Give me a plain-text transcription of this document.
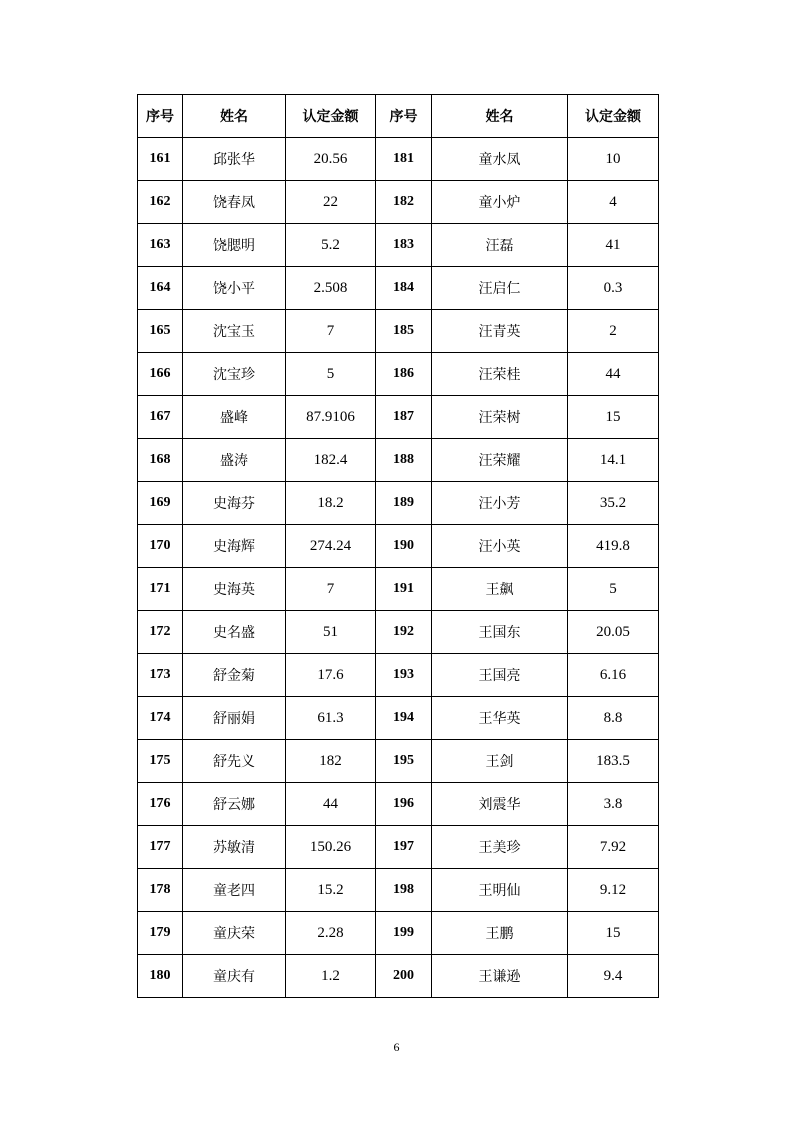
序号	姓名	认定金额	序号	姓名	认定金额
161	邱张华	20.56	181	童水凤	10
162	饶春凤	22	182	童小炉	4
163	饶腮明	5.2	183	汪磊	41
164	饶小平	2.508	184	汪启仁	0.3
165	沈宝玉	7	185	汪青英	2
166	沈宝珍	5	186	汪荣桂	44
167	盛峰	87.9106	187	汪荣树	15
168	盛涛	182.4	188	汪荣耀	14.1
169	史海芬	18.2	189	汪小芳	35.2
170	史海辉	274.24	190	汪小英	419.8
171	史海英	7	191	王飙	5
172	史名盛	51	192	王国东	20.05
173	舒金菊	17.6	193	王国亮	6.16
174	舒丽娟	61.3	194	王华英	8.8
175	舒先义	182	195	王剑	183.5
176	舒云娜	44	196	刘震华	3.8
177	苏敏清	150.26	197	王美珍	7.92
178	童老四	15.2	198	王明仙	9.12
179	童庆荣	2.28	199	王鹏	15
180	童庆有	1.2	200	王谦逊	9.4
6
